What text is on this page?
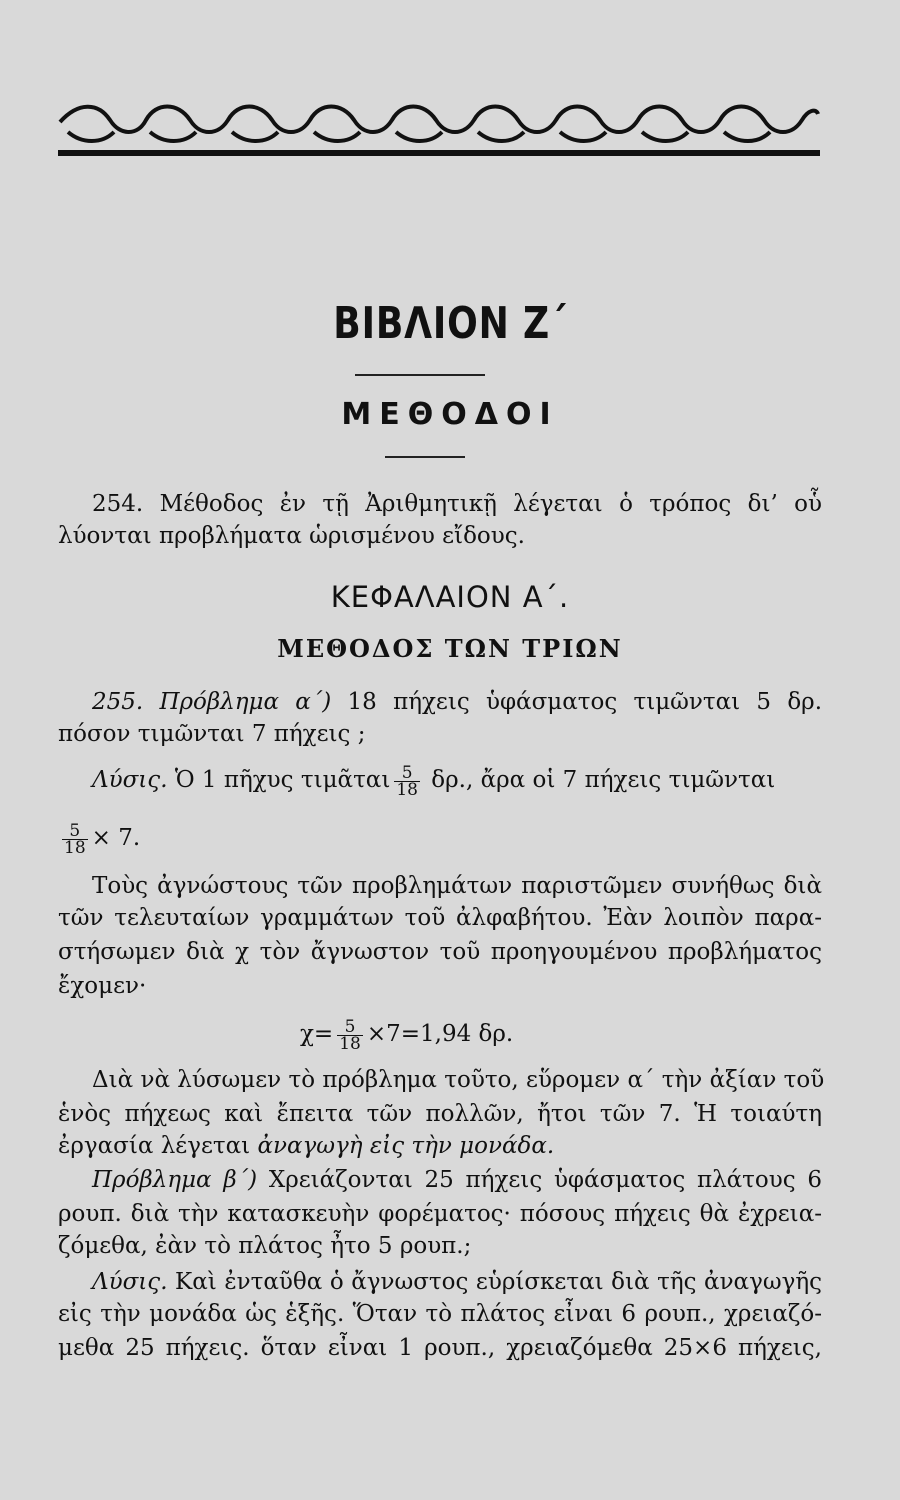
ΒΙΒΛΙΟΝ Ζ΄
ΜΕΘΟΔΟΙ
254. Μέθοδος ἐν τῇ Ἀριθμητικῇ λέγεται ὁ τρόπος δι’ οὗ
λύονται προβλήματα ὡρισμένου εἴδους.
ΚΕΦΑΛΑΙΟΝ Α΄.
ΜΕΘΟΔΟΣ ΤΩΝ ΤΡΙΩΝ
255. Πρόβλημα α΄) 18 πήχεις ὑφάσματος τιμῶνται 5 δρ.
πόσον τιμῶνται 7 πήχεις ;
Λύσις. Ὁ 1 πῆχυς τιμᾶται $\frac{5}{18} \delta\rho$., ἄρα οἱ 7 πήχεις τιμῶνται
$\frac{5}{18} \times 7$.
Τοὺς ἀγνώστους τῶν προβλημάτων παριστῶμεν συνήθως διὰ
τῶν τελευταίων γραμμάτων τοῦ ἀλφαβήτου. Ἐὰν λοιπὸν παρα-
στήσωμεν διὰ χ τὸν ἄγνωστον τοῦ προηγουμένου προβλήματος
ἔχομεν·
$\chi= \frac{5}{18} \times 7=1,94$ δρ.
Διὰ νὰ λύσωμεν τὸ πρόβλημα τοῦτο, εὕρομεν α΄ τὴν ἀξίαν τοῦ
ἑνὸς πήχεως καὶ ἔπειτα τῶν πολλῶν, ἤτοι τῶν 7. Ἡ τοιαύτη
ἐργασία λέγεται ἀναγωγὴ εἰς τὴν μονάδα.
Πρόβλημα β΄) Χρειάζονται 25 πήχεις ὑφάσματος πλάτους 6
ρουπ. διὰ τὴν κατασκευὴν φορέματος· πόσους πήχεις θὰ ἐχρεια-
ζόμεθα, ἐὰν τὸ πλάτος ἦτο 5 ρουπ.;
Λύσις. Καὶ ἐνταῦθα ὁ ἄγνωστος εὑρίσκεται διὰ τῆς ἀναγωγῆς
εἰς τὴν μονάδα ὡς ἑξῆς. Ὅταν τὸ πλάτος εἶναι 6 ρουπ., χρειαζό-
μεθα 25 πήχεις. ὅταν εἶναι 1 ρουπ., χρειαζόμεθα 25×6 πήχεις,
